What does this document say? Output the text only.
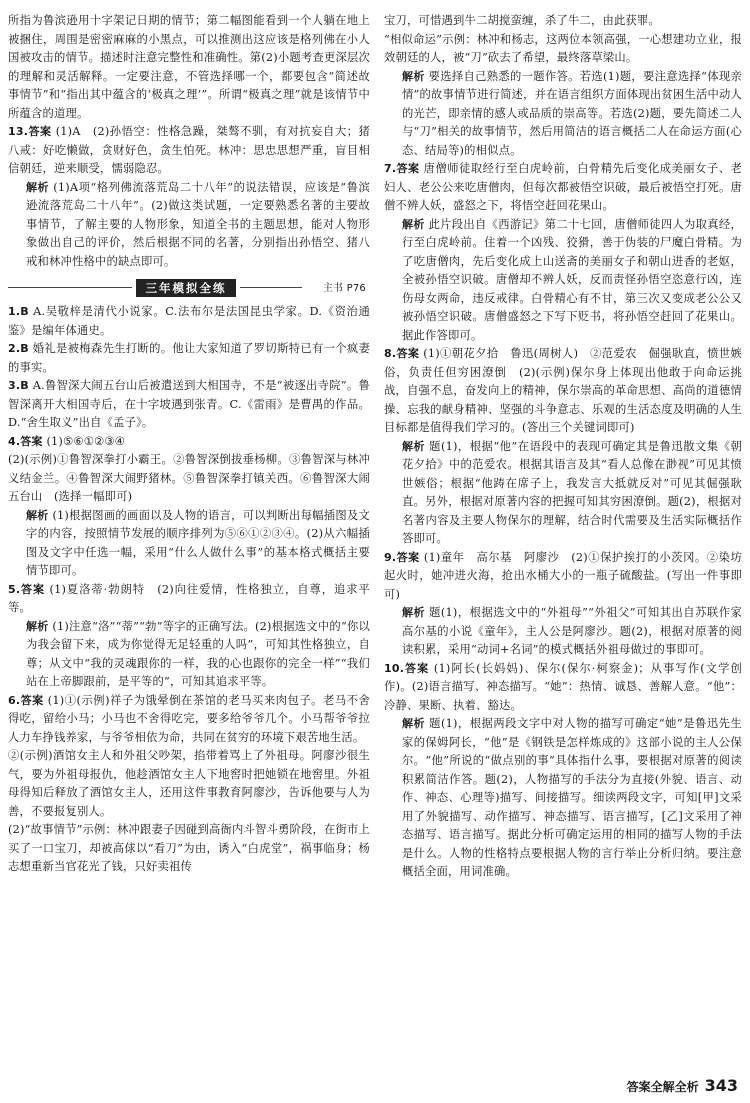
所指为鲁滨逊用十字架记日期的情节；第二幅图能看到一个人躺在地上被捆住，周围是密密麻麻的小黑点，可以推测出这应该是格列佛在小人国被攻击的情节。描述时注意完整性和准确性。第(2)小题考查更深层次的理解和灵活解释。一定要注意，不管选择哪一个，都要包含“简述故事情节”和“指出其中蕴含的‘极真之理’”。所谓“极真之理”就是该情节中所蕴含的道理。

13.答案 (1)A　(2)孙悟空：性格急躁，桀骜不驯，有对抗妄自大；猪八戒：好吃懒做，贪财好色，贪生怕死。林冲：思忠思想严重，盲目相信朝廷，逆来顺受，懦弱隐忍。

解析 (1)A项“格列佛流落荒岛二十八年”的说法错误，应该是“鲁滨逊流落荒岛二十八年”。(2)做这类试题，一定要熟悉名著的主要故事情节，了解主要的人物形象，知道全书的主题思想，能对人物形象做出自己的评价，然后根据不同的名著，分别指出孙悟空、猪八戒和林冲性格中的缺点即可。

三年模拟全练	主书 P76

1.B A.吴敬梓是清代小说家。C.法布尔是法国昆虫学家。D.《资治通鉴》是编年体通史。

2.B 婚礼是被梅森先生打断的。他让大家知道了罗切斯特已有一个疯妻的事实。

3.B A.鲁智深大闹五台山后被遣送到大相国寺，不是“被逐出寺院”。鲁智深离开大相国寺后，在十字坡遇到张青。C.《雷雨》是曹禺的作品。D.“舍生取义”出自《孟子》。

4.答案 (1)⑤⑥①②③④

(2)(示例)①鲁智深拳打小霸王。②鲁智深倒拔垂杨柳。③鲁智深与林冲义结金兰。④鲁智深大闹野猪林。⑤鲁智深拳打镇关西。⑥鲁智深大闹五台山　(选择一幅即可)

解析 (1)根据图画的画面以及人物的语言，可以判断出每幅插图及文字的内容，按照情节发展的顺序排列为⑤⑥①②③④。(2)从六幅插图及文字中任选一幅，采用“什么人做什么事”的基本格式概括主要情节即可。

5.答案 (1)夏洛蒂·勃朗特　(2)向往爱情，性格独立，自尊，追求平等。

解析 (1)注意“洛”“蒂”“勃”等字的正确写法。(2)根据选文中的“你以为我会留下来，成为你觉得无足轻重的人吗”，可知其性格独立，自尊；从文中“我的灵魂跟你的一样，我的心也跟你的完全一样”“我们站在上帝脚跟前，是平等的”，可知其追求平等。

6.答案 (1)①(示例)祥子为饿晕倒在茶馆的老马买来肉包子。老马不舍得吃，留给小马；小马也不舍得吃完，要多给爷爷几个。小马帮爷爷拉人力车挣钱养家，与爷爷相依为命，共同在贫穷的环境下艰苦地生活。

②(示例)酒馆女主人和外祖父吵架，掐带着骂上了外祖母。阿廖沙很生气，要为外祖母报仇，他趁酒馆女主人下地窖时把她锁在地窖里。外祖母得知后释放了酒馆女主人，还用这件事教育阿廖沙，告诉他要与人为善，不要报复别人。

(2)“故事情节”示例：林冲跟妻子因碰到高衙内斗智斗勇阶段，在街市上买了一口宝刀，却被高俅以“看刀”为由，诱入“白虎堂”，祸事临身；杨志想重新当官花光了钱，只好卖祖传

宝刀，可惜遇到牛二胡搅蛮缠，杀了牛二，由此获罪。

“相似命运”示例：林冲和杨志，这两位本领高强，一心想建功立业，报效朝廷的人，被“刀”砍去了希望，最终落草梁山。

解析 要选择自己熟悉的一题作答。若选(1)题，要注意选择“体现亲情”的故事情节进行简述，并在语言组织方面体现出贫困生活中动人的光芒，即亲情的感人或品质的崇高等。若选(2)题，要先简述二人与“刀”相关的故事情节，然后用简洁的语言概括二人在命运方面(心态、结局等)的相似点。

7.答案 唐僧师徒取经行至白虎岭前，白骨精先后变化成美丽女子、老妇人、老公公来吃唐僧肉，但每次都被悟空识破，最后被悟空打死。唐僧不辨人妖，盛怒之下，将悟空赶回花果山。

解析 此片段出自《西游记》第二十七回，唐僧师徒四人为取真经，行至白虎岭前。住着一个凶残、狡猾，善于伪装的尸魔白骨精。为了吃唐僧肉，先后变化成上山送斋的美丽女子和朝山进香的老妪，全被孙悟空识破。唐僧却不辨人妖，反而责怪孙悟空恣意行凶，连伤母女两命，违反戒律。白骨精心有不甘，第三次又变成老公公又被孙悟空识破。唐僧盛怒之下写下贬书，将孙悟空赶回了花果山。据此作答即可。

8.答案 (1)①朝花夕拾　鲁迅(周树人)　②范爱农　倔强耿直，愤世嫉俗，负责任但穷困潦倒　(2)(示例)保尔身上体现出他敢于向命运挑战，自强不息，奋发向上的精神，保尔崇高的革命思想、高尚的道德情操、忘我的献身精神、坚强的斗争意志、乐观的生活态度及明确的人生目标都是值得我们学习的。(答出三个关键词即可)

解析 题(1)，根据“他”在语段中的表现可确定其是鲁迅散文集《朝花夕拾》中的范爱农。根据其语言及其“看人总像在渺视”可见其愤世嫉俗；根据“他踌在席子上，我发言大抵就反对”可见其倔强耿直。另外，根据对原著内容的把握可知其穷困潦倒。题(2)，根据对名著内容及主要人物保尔的理解，结合时代需要及生活实际概括作答即可。

9.答案 (1)童年　高尔基　阿廖沙　(2)①保护挨打的小茨冈。②染坊起火时，她冲进火海，抢出水桶大小的一瓶子硫酸盐。(写出一件事即可)

解析 题(1)，根据选文中的“外祖母”“外祖父”可知其出自苏联作家高尔基的小说《童年》，主人公是阿廖沙。题(2)，根据对原著的阅读积累，采用“动词+名词”的模式概括外祖母做过的事即可。

10.答案 (1)阿长(长妈妈)、保尔(保尔·柯察金)；从事写作(文学创作)。(2)语言描写、神态描写。“她”：热情、诚恳、善解人意。“他”：冷静、果断、执着、豁达。

解析 题(1)，根据两段文字中对人物的描写可确定“她”是鲁迅先生家的保姆阿长，“他”是《钢铁是怎样炼成的》这部小说的主人公保尔。“他”所说的“做点别的事”具体指什么事，要根据对原著的阅读积累简洁作答。题(2)，人物描写的手法分为直接(外貌、语言、动作、神态、心理等)描写、间接描写。细读两段文字，可知[甲]文采用了外貌描写、动作描写、神态描写、语言描写，[乙]文采用了神态描写、语言描写。据此分析可确定运用的相同的描写人物的手法是什么。人物的性格特点要根据人物的言行举止分析归纳。要注意概括全面，用词准确。

答案全解全析 343
